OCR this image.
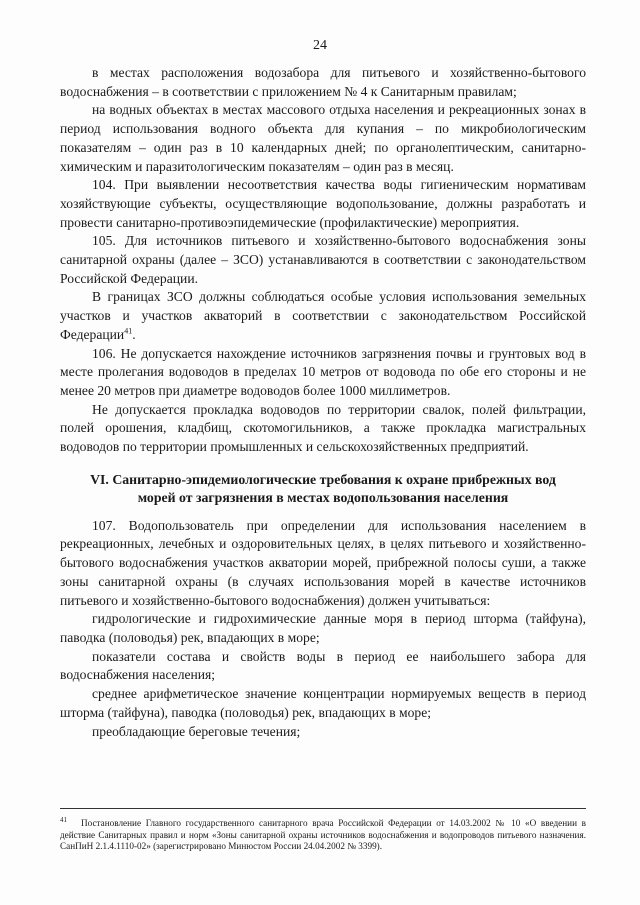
24

в местах расположения водозабора для питьевого и хозяйственно-бытового водоснабжения – в соответствии с приложением № 4 к Санитарным правилам;

на водных объектах в местах массового отдыха населения и рекреационных зонах в период использования водного объекта для купания – по микробиологическим показателям – один раз в 10 календарных дней; по органолептическим, санитарно-химическим и паразитологическим показателям – один раз в месяц.

104. При выявлении несоответствия качества воды гигиеническим нормативам хозяйствующие субъекты, осуществляющие водопользование, должны разработать и провести санитарно-противоэпидемические (профилактические) мероприятия.

105. Для источников питьевого и хозяйственно-бытового водоснабжения зоны санитарной охраны (далее – ЗСО) устанавливаются в соответствии с законодательством Российской Федерации.

В границах ЗСО должны соблюдаться особые условия использования земельных участков и участков акваторий в соответствии с законодательством Российской Федерации$^{41}$.

106. Не допускается нахождение источников загрязнения почвы и грунтовых вод в месте пролегания водоводов в пределах 10 метров от водовода по обе его стороны и не менее 20 метров при диаметре водоводов более 1000 миллиметров.

Не допускается прокладка водоводов по территории свалок, полей фильтрации, полей орошения, кладбищ, скотомогильников, а также прокладка магистральных водоводов по территории промышленных и сельскохозяйственных предприятий.

VI. Санитарно-эпидемиологические требования к охране прибрежных вод морей от загрязнения в местах водопользования населения

107. Водопользователь при определении для использования населением в рекреационных, лечебных и оздоровительных целях, в целях питьевого и хозяйственно-бытового водоснабжения участков акватории морей, прибрежной полосы суши, а также зоны санитарной охраны (в случаях использования морей в качестве источников питьевого и хозяйственно-бытового водоснабжения) должен учитываться:

гидрологические и гидрохимические данные моря в период шторма (тайфуна), паводка (половодья) рек, впадающих в море;

показатели состава и свойств воды в период ее наибольшего забора для водоснабжения населения;

среднее арифметическое значение концентрации нормируемых веществ в период шторма (тайфуна), паводка (половодья) рек, впадающих в море;

преобладающие береговые течения;

$^{41}$ Постановление Главного государственного санитарного врача Российской Федерации от 14.03.2002 № 10 «О введении в действие Санитарных правил и норм «Зоны санитарной охраны источников водоснабжения и водопроводов питьевого назначения. СанПиН 2.1.4.1110-02» (зарегистрировано Минюстом России 24.04.2002 № 3399).
